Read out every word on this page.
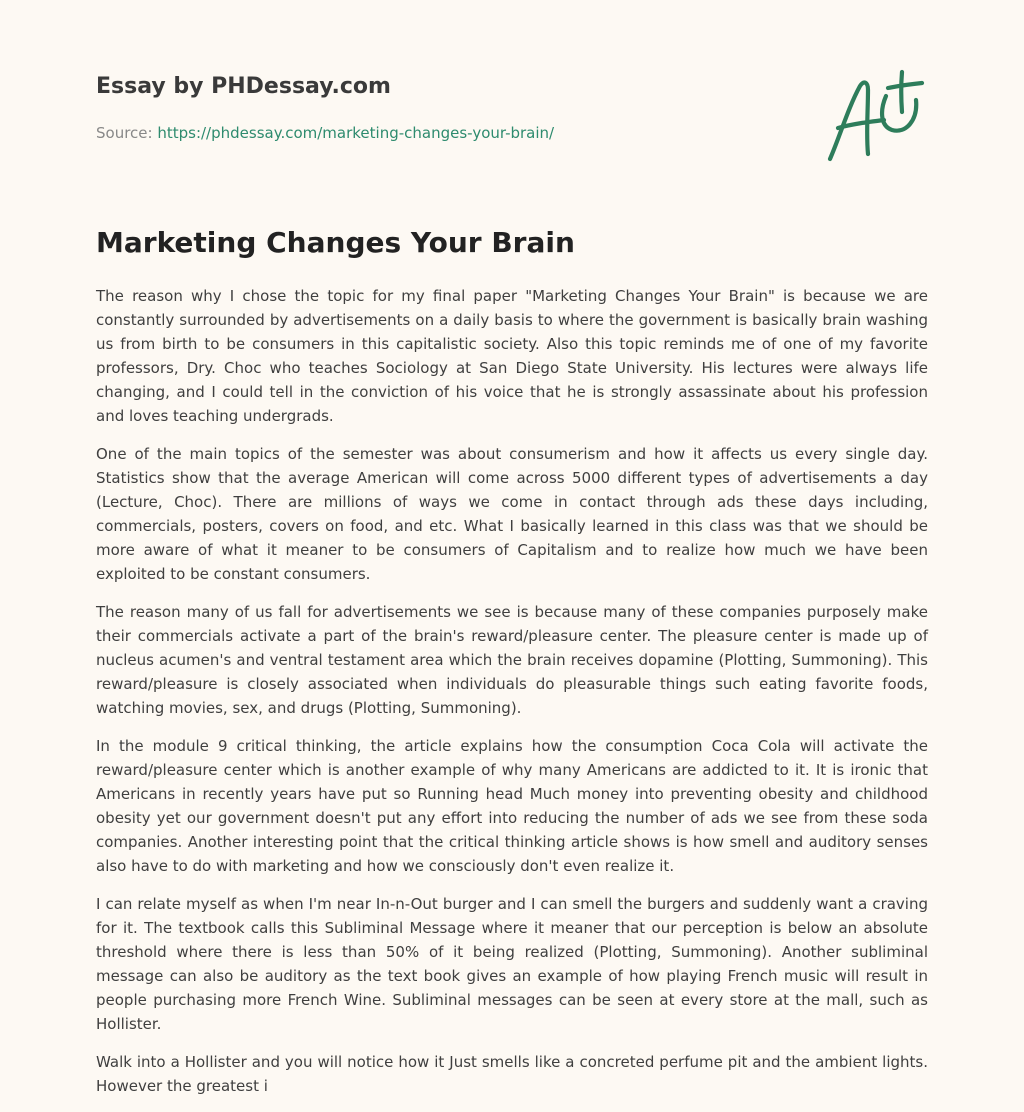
Essay by PHDessay.com
Source: https://phdessay.com/marketing-changes-your-brain/
Marketing Changes Your Brain

The reason why I chose the topic for my final paper "Marketing Changes Your Brain" is because we are constantly surrounded by advertisements on a daily basis to where the government is basically brain washing us from birth to be consumers in this capitalistic society. Also this topic reminds me of one of my favorite professors, Dry. Choc who teaches Sociology at San Diego State University. His lectures were always life changing, and I could tell in the conviction of his voice that he is strongly assassinate about his profession and loves teaching undergrads.

One of the main topics of the semester was about consumerism and how it affects us every single day. Statistics show that the average American will come across 5000 different types of advertisements a day (Lecture, Choc). There are millions of ways we come in contact through ads these days including, commercials, posters, covers on food, and etc. What I basically learned in this class was that we should be more aware of what it meaner to be consumers of Capitalism and to realize how much we have been exploited to be constant consumers.

The reason many of us fall for advertisements we see is because many of these companies purposely make their commercials activate a part of the brain's reward/pleasure center. The pleasure center is made up of nucleus acumen's and ventral testament area which the brain receives dopamine (Plotting, Summoning). This reward/pleasure is closely associated when individuals do pleasurable things such eating favorite foods, watching movies, sex, and drugs (Plotting, Summoning).

In the module 9 critical thinking, the article explains how the consumption Coca Cola will activate the reward/pleasure center which is another example of why many Americans are addicted to it. It is ironic that Americans in recently years have put so Running head Much money into preventing obesity and childhood obesity yet our government doesn't put any effort into reducing the number of ads we see from these soda companies. Another interesting point that the critical thinking article shows is how smell and auditory senses also have to do with marketing and how we consciously don't even realize it.

I can relate myself as when I'm near In-n-Out burger and I can smell the burgers and suddenly want a craving for it. The textbook calls this Subliminal Message where it meaner that our perception is below an absolute threshold where there is less than 50% of it being realized (Plotting, Summoning). Another subliminal message can also be auditory as the text book gives an example of how playing French music will result in people purchasing more French Wine. Subliminal messages can be seen at every store at the mall, such as Hollister.

Walk into a Hollister and you will notice how it Just smells like a concreted perfume pit and the ambient lights. However the greatest i
